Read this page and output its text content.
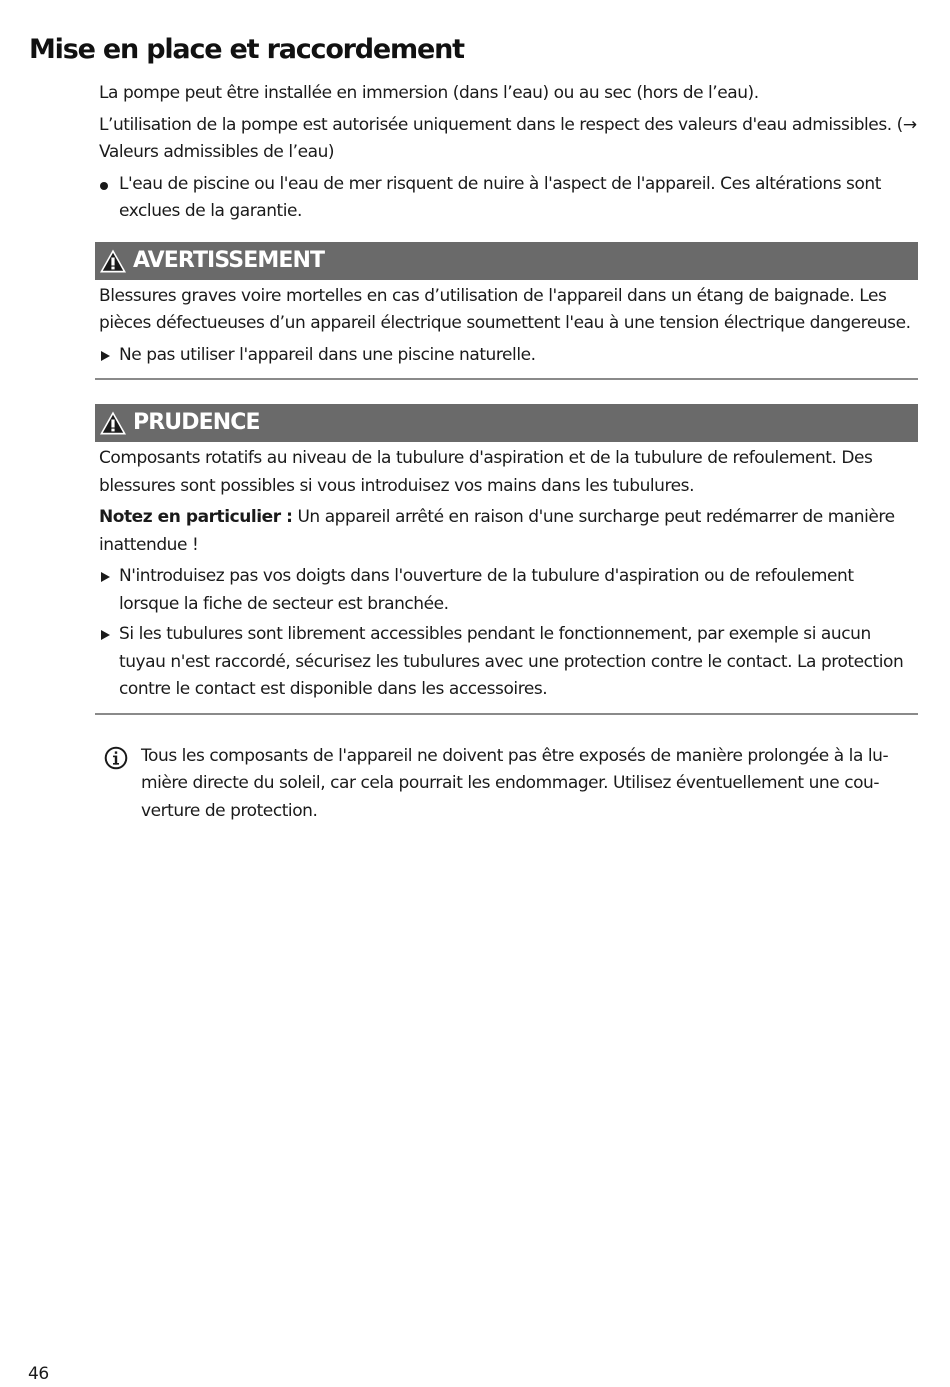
Mise en place et raccordement

La pompe peut être installée en immersion (dans l’eau) ou au sec (hors de l’eau).

L’utilisation de la pompe est autorisée uniquement dans le respect des valeurs d'eau admissibles. (→ Valeurs admissibles de l’eau)

L'eau de piscine ou l'eau de mer risquent de nuire à l'aspect de l'appareil. Ces altérations sont exclues de la garantie.
AVERTISSEMENT

Blessures graves voire mortelles en cas d’utilisation de l'appareil dans un étang de baignade. Les pièces défectueuses d’un appareil électrique soumettent l'eau à une tension électrique dangereuse.

Ne pas utiliser l'appareil dans une piscine naturelle.
PRUDENCE

Composants rotatifs au niveau de la tubulure d'aspiration et de la tubulure de refoulement. Des blessures sont possibles si vous introduisez vos mains dans les tubulures.

Notez en particulier : Un appareil arrêté en raison d'une surcharge peut redémarrer de manière inattendue !

N'introduisez pas vos doigts dans l'ouverture de la tubulure d'aspiration ou de refoulement lorsque la fiche de secteur est branchée.
Si les tubulures sont librement accessibles pendant le fonctionnement, par exemple si aucun tuyau n'est raccordé, sécurisez les tubulures avec une protection contre le contact. La protection contre le contact est disponible dans les accessoires.
Tous les composants de l'appareil ne doivent pas être exposés de manière prolongée à la lumière directe du soleil, car cela pourrait les endommager. Utilisez éventuellement une couverture de protection.
46
